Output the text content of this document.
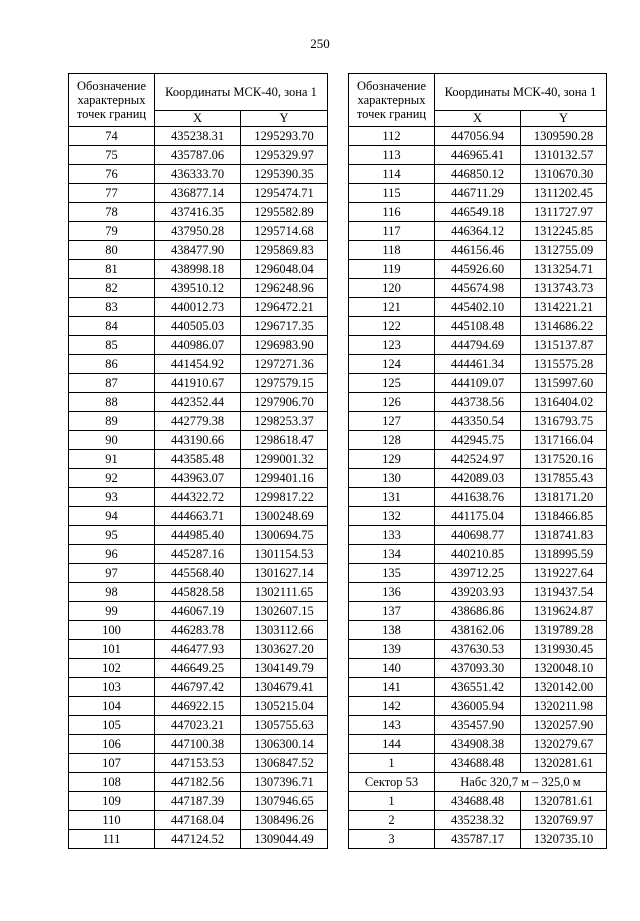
250
Обозначение характерных точек границ	Координаты МСК-40, зона 1	
	X	Y
74	435238.31	1295293.70
75	435787.06	1295329.97
76	436333.70	1295390.35
77	436877.14	1295474.71
78	437416.35	1295582.89
79	437950.28	1295714.68
80	438477.90	1295869.83
81	438998.18	1296048.04
82	439510.12	1296248.96
83	440012.73	1296472.21
84	440505.03	1296717.35
85	440986.07	1296983.90
86	441454.92	1297271.36
87	441910.67	1297579.15
88	442352.44	1297906.70
89	442779.38	1298253.37
90	443190.66	1298618.47
91	443585.48	1299001.32
92	443963.07	1299401.16
93	444322.72	1299817.22
94	444663.71	1300248.69
95	444985.40	1300694.75
96	445287.16	1301154.53
97	445568.40	1301627.14
98	445828.58	1302111.65
99	446067.19	1302607.15
100	446283.78	1303112.66
101	446477.93	1303627.20
102	446649.25	1304149.79
103	446797.42	1304679.41
104	446922.15	1305215.04
105	447023.21	1305755.63
106	447100.38	1306300.14
107	447153.53	1306847.52
108	447182.56	1307396.71
109	447187.39	1307946.65
110	447168.04	1308496.26
111	447124.52	1309044.49
Обозначение характерных точек границ	Координаты МСК-40, зона 1	
	X	Y
112	447056.94	1309590.28
113	446965.41	1310132.57
114	446850.12	1310670.30
115	446711.29	1311202.45
116	446549.18	1311727.97
117	446364.12	1312245.85
118	446156.46	1312755.09
119	445926.60	1313254.71
120	445674.98	1313743.73
121	445402.10	1314221.21
122	445108.48	1314686.22
123	444794.69	1315137.87
124	444461.34	1315575.28
125	444109.07	1315997.60
126	443738.56	1316404.02
127	443350.54	1316793.75
128	442945.75	1317166.04
129	442524.97	1317520.16
130	442089.03	1317855.43
131	441638.76	1318171.20
132	441175.04	1318466.85
133	440698.77	1318741.83
134	440210.85	1318995.59
135	439712.25	1319227.64
136	439203.93	1319437.54
137	438686.86	1319624.87
138	438162.06	1319789.28
139	437630.53	1319930.45
140	437093.30	1320048.10
141	436551.42	1320142.00
142	436005.94	1320211.98
143	435457.90	1320257.90
144	434908.38	1320279.67
1	434688.48	1320281.61
Сектор 53	Набс 320,7 м – 325,0 м	
1	434688.48	1320781.61
2	435238.32	1320769.97
3	435787.17	1320735.10
